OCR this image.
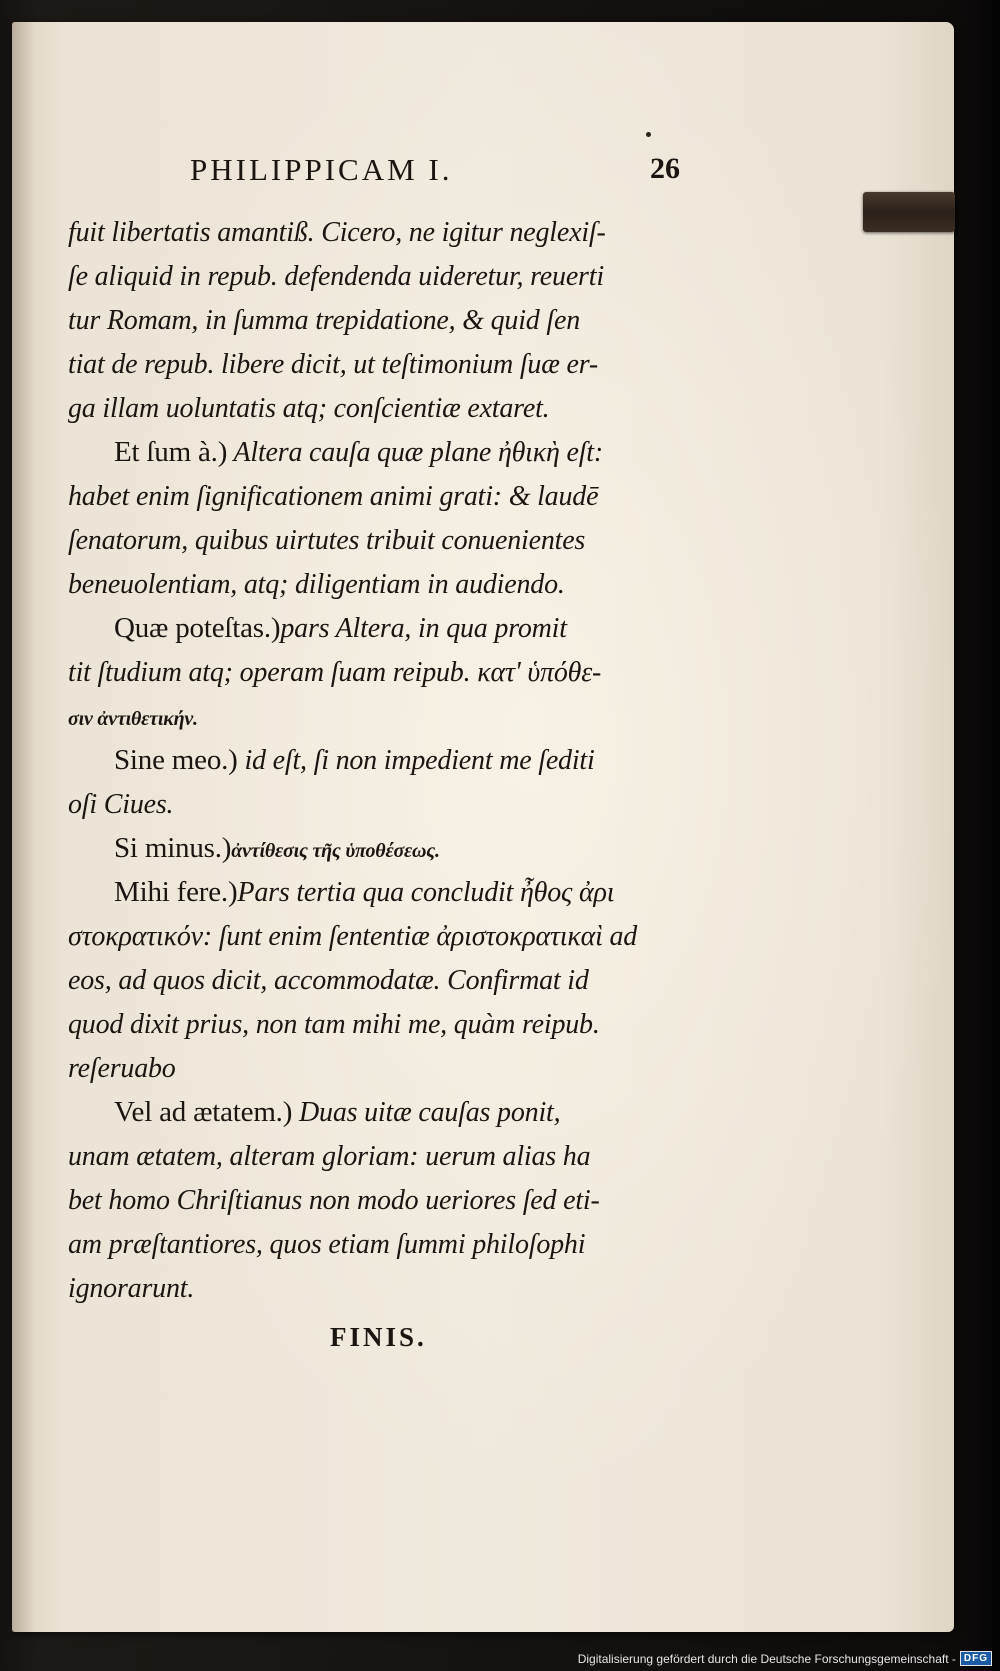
PHILIPPICAM I.	26
fuit libertatis amantiß. Cicero, ne igitur neglexiſ-
ſe aliquid in repub. defendenda uideretur, reuerti
tur Romam, in ſumma trepidatione, & quid ſen
tiat de repub. libere dicit, ut teſtimonium ſuæ er-
ga illam uoluntatis atq; conſcientiæ extaret.
Et ſum à.) Altera cauſa quæ plane ἠθικὴ eſt:
habet enim ſignificationem animi grati: & laudē
ſenatorum, quibus uirtutes tribuit conuenientes
beneuolentiam, atq; diligentiam in audiendo.
Quæ poteſtas.)pars Altera, in qua promit
tit ſtudium atq; operam ſuam reipub. κατ' ὑπόθε-
σιν ἀντιθετικήν.
Sine meo.) id eſt, ſi non impedient me ſediti
oſi Ciues.
Si minus.)ἀντίθεσις τῆς ὑποθέσεως.
Mihi fere.)Pars tertia qua concludit ἦθος ἀρι
στοκρατικόν: ſunt enim ſententiæ ἀριστοκρατικαὶ ad
eos, ad quos dicit, accommodatæ. Confirmat id
quod dixit prius, non tam mihi me, quàm reipub.
reſeruabo
Vel ad ætatem.) Duas uitæ cauſas ponit,
unam ætatem, alteram gloriam: uerum alias ha
bet homo Chriſtianus non modo ueriores ſed eti-
am præſtantiores, quos etiam ſummi philoſophi
ignorarunt.
FINIS.
Digitalisierung gefördert durch die Deutsche Forschungsgemeinschaft - DFG
